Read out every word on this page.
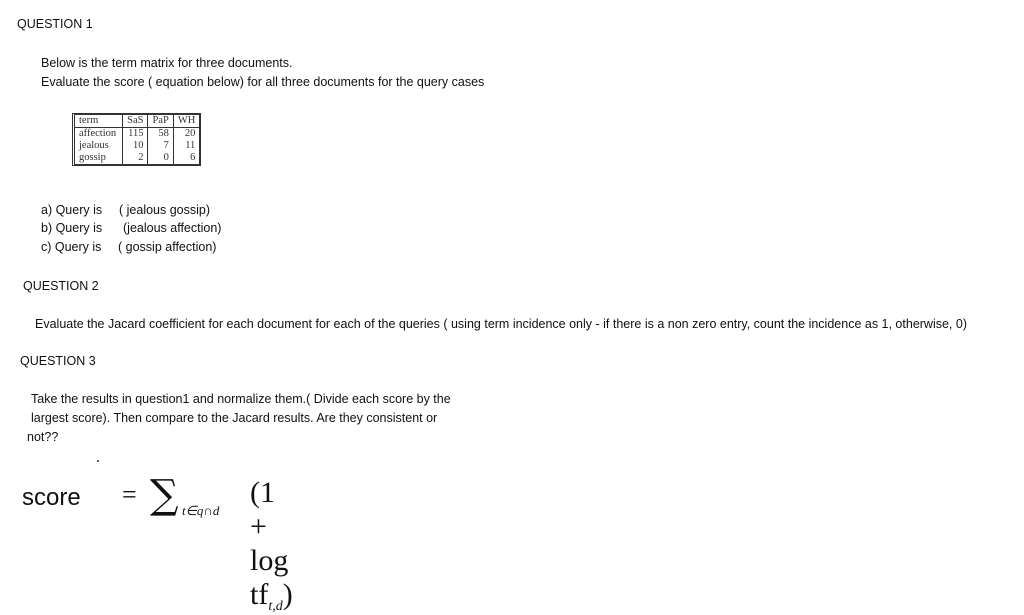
QUESTION 1
Below is the term matrix for three documents.
Evaluate the score ( equation below) for all three documents for the query cases
term	SaS	PaP	WH
affection	115	58	20
jealous	10	7	11
gossip	2	0	6
a) Query is ( jealous gossip)
b) Query is (jealous affection)
c) Query is ( gossip affection)
QUESTION 2
Evaluate the Jacard coefficient for each document for each of the queries ( using term incidence only - if there is a non zero entry, count the incidence as 1, otherwise, 0)
QUESTION 3
Take the results in question1 and normalize them.( Divide each score by the
largest score). Then compare to the Jacard results. Are they consistent or
not??
score = ∑ t∈q∩d
$(1 + \log tf_{t,d})$
